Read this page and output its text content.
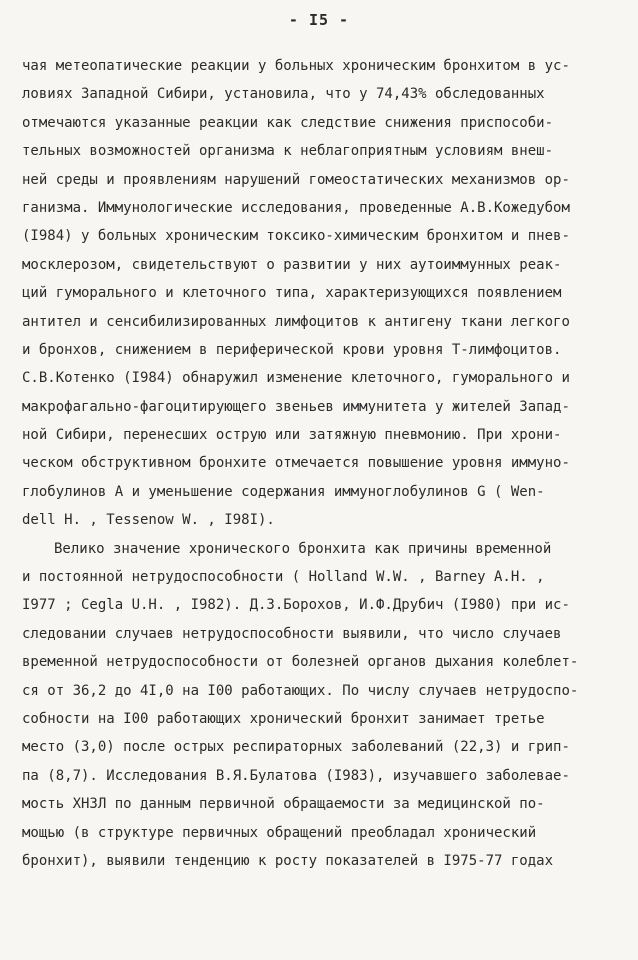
- I5 -
чая метеопатические реакции у больных хроническим бронхитом в ус-
ловиях Западной Сибири, установила, что у 74,43% обследованных
отмечаются указанные реакции как следствие снижения приспособи-
тельных возможностей организма к неблагоприятным условиям внеш-
ней среды и проявлениям нарушений гомеостатических механизмов ор-
ганизма. Иммунологические исследования, проведенные А.В.Кожедубом
(I984) у больных хроническим токсико-химическим бронхитом и пнев-
москлерозом, свидетельствуют о развитии у них аутоиммунных реак-
ций гуморального и клеточного типа, характеризующихся появлением
антител и сенсибилизированных лимфоцитов к антигену ткани легкого
и бронхов, снижением в периферической крови уровня Т-лимфоцитов.
С.В.Котенко (I984) обнаружил изменение клеточного, гуморального и
макрофагально-фагоцитирующего звеньев иммунитета у жителей Запад-
ной Сибири, перенесших острую или затяжную пневмонию. При хрони-
ческом обструктивном бронхите отмечается повышение уровня иммуно-
глобулинов А и уменьшение содержания иммуноглобулинов G ( Wen-
dell H. , Tessenow W. , I98I).
Велико значение хронического бронхита как причины временной
и постоянной нетрудоспособности ( Holland W.W. , Barney A.H. ,
I977 ; Cegla U.H. , I982). Д.З.Борохов, И.Ф.Друбич (I980) при ис-
следовании случаев нетрудоспособности выявили, что число случаев
временной нетрудоспособности от болезней органов дыхания колеблет-
ся от 36,2 до 4I,0 на I00 работающих. По числу случаев нетрудоспо-
собности на I00 работающих хронический бронхит занимает третье
место (3,0) после острых респираторных заболеваний (22,3) и грип-
па (8,7). Исследования В.Я.Булатова (I983), изучавшего заболевае-
мость ХНЗЛ по данным первичной обращаемости за медицинской по-
мощью (в структуре первичных обращений преобладал хронический
бронхит), выявили тенденцию к росту показателей в I975-77 годах
